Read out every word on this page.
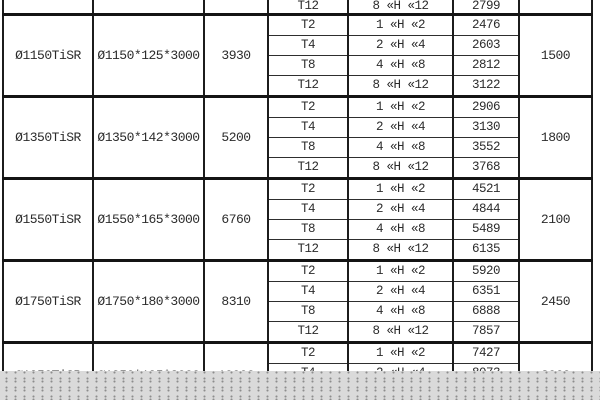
			T12	8 «H «12	2799	
Ø1150TiSR	Ø1150*125*3000	3930	T2	1 «H «2	2476	1500
			T4	2 «H «4	2603	
			T8	4 «H «8	2812	
			T12	8 «H «12	3122	
Ø1350TiSR	Ø1350*142*3000	5200	T2	1 «H «2	2906	1800
			T4	2 «H «4	3130	
			T8	4 «H «8	3552	
			T12	8 «H «12	3768	
Ø1550TiSR	Ø1550*165*3000	6760	T2	1 «H «2	4521	2100
			T4	2 «H «4	4844	
			T8	4 «H «8	5489	
			T12	8 «H «12	6135	
Ø1750TiSR	Ø1750*180*3000	8310	T2	1 «H «2	5920	2450
			T4	2 «H «4	6351	
			T8	4 «H «8	6888	
			T12	8 «H «12	7857	
			T2	1 «H «2	7427	
